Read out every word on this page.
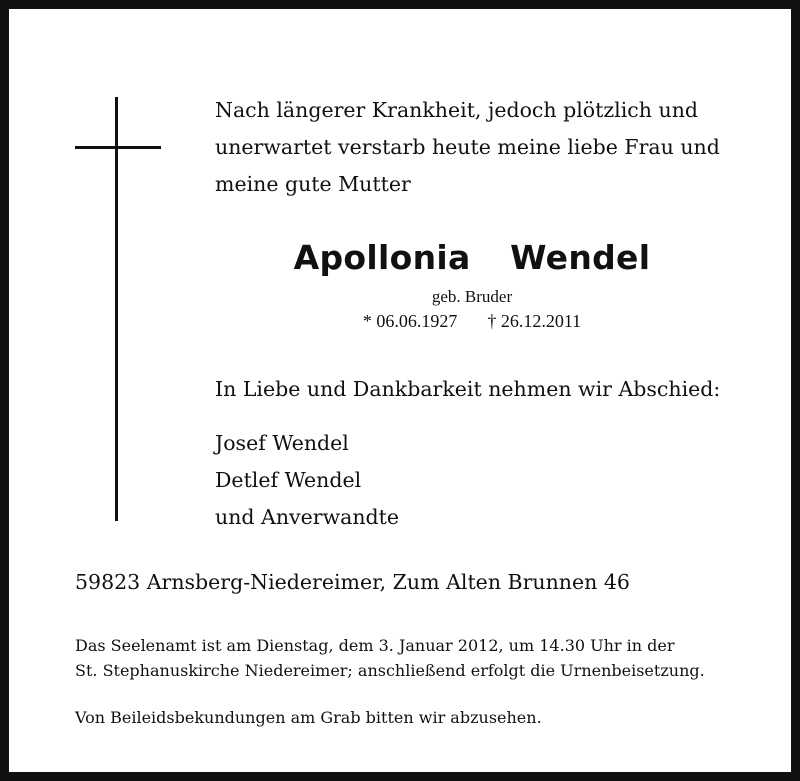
Nach längerer Krankheit, jedoch plötzlich und
unerwartet verstarb heute meine liebe Frau und
meine gute Mutter
Apollonia  Wendel
geb. Bruder
* 06.06.1927 † 26.12.2011
In Liebe und Dankbarkeit nehmen wir Abschied:
Josef Wendel
Detlef Wendel
und Anverwandte
59823 Arnsberg-Niedereimer, Zum Alten Brunnen 46
Das Seelenamt ist am Dienstag, dem 3. Januar 2012, um 14.30 Uhr in der
St. Stephanuskirche Niedereimer; anschließend erfolgt die Urnenbeisetzung.
Von Beileidsbekundungen am Grab bitten wir abzusehen.
